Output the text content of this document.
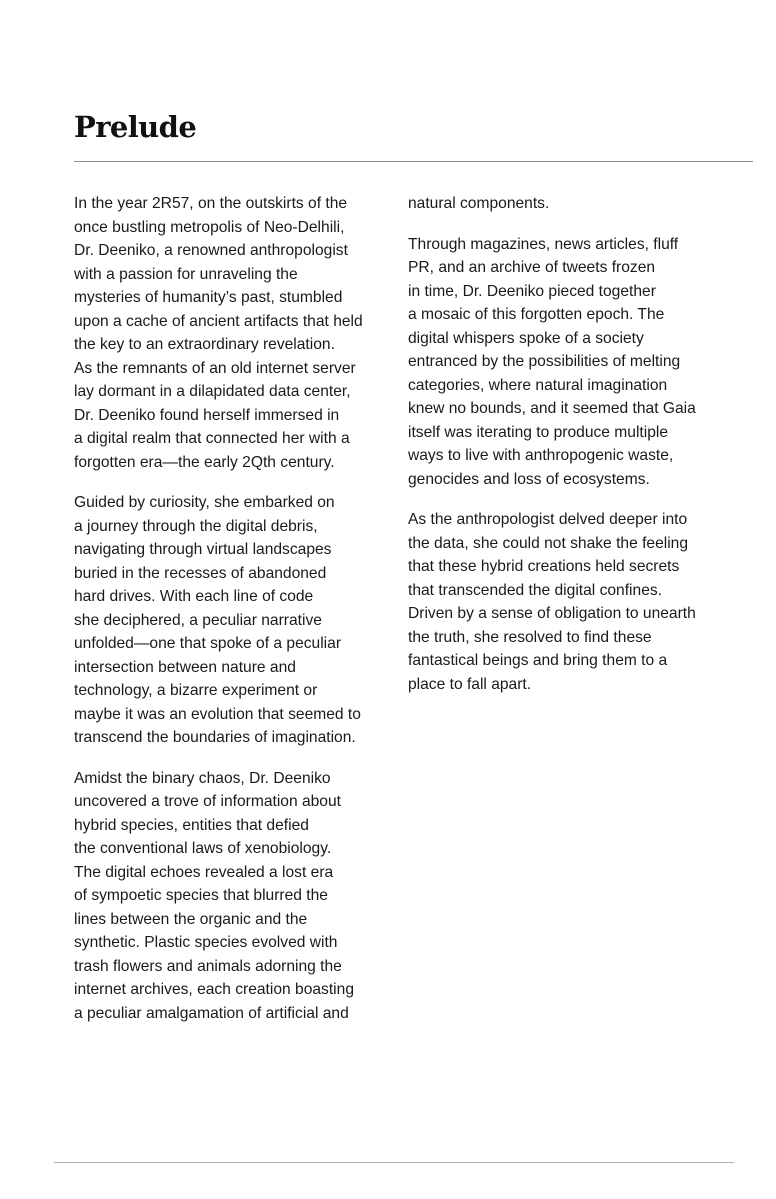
Prelude

In the year 2R57, on the outskirts of the
once bustling metropolis of Neo-Delhili,
Dr. Deeniko, a renowned anthropologist
with a passion for unraveling the
mysteries of humanity’s past, stumbled
upon a cache of ancient artifacts that held
the key to an extraordinary revelation.
As the remnants of an old internet server
lay dormant in a dilapidated data center,
Dr. Deeniko found herself immersed in
a digital realm that connected her with a
forgotten era—the early 2Qth century.

Guided by curiosity, she embarked on
a journey through the digital debris,
navigating through virtual landscapes
buried in the recesses of abandoned
hard drives. With each line of code
she deciphered, a peculiar narrative
unfolded—one that spoke of a peculiar
intersection between nature and
technology, a bizarre experiment or
maybe it was an evolution that seemed to
transcend the boundaries of imagination.

Amidst the binary chaos, Dr. Deeniko
uncovered a trove of information about
hybrid species, entities that defied
the conventional laws of xenobiology.
The digital echoes revealed a lost era
of sympoetic species that blurred the
lines between the organic and the
synthetic. Plastic species evolved with
trash flowers and animals adorning the
internet archives, each creation boasting
a peculiar amalgamation of artificial and

natural components.

Through magazines, news articles, fluff
PR, and an archive of tweets frozen
in time, Dr. Deeniko pieced together
a mosaic of this forgotten epoch. The
digital whispers spoke of a society
entranced by the possibilities of melting
categories, where natural imagination
knew no bounds, and it seemed that Gaia
itself was iterating to produce multiple
ways to live with anthropogenic waste,
genocides and loss of ecosystems.

As the anthropologist delved deeper into
the data, she could not shake the feeling
that these hybrid creations held secrets
that transcended the digital confines.
Driven by a sense of obligation to unearth
the truth, she resolved to find these
fantastical beings and bring them to a
place to fall apart.
